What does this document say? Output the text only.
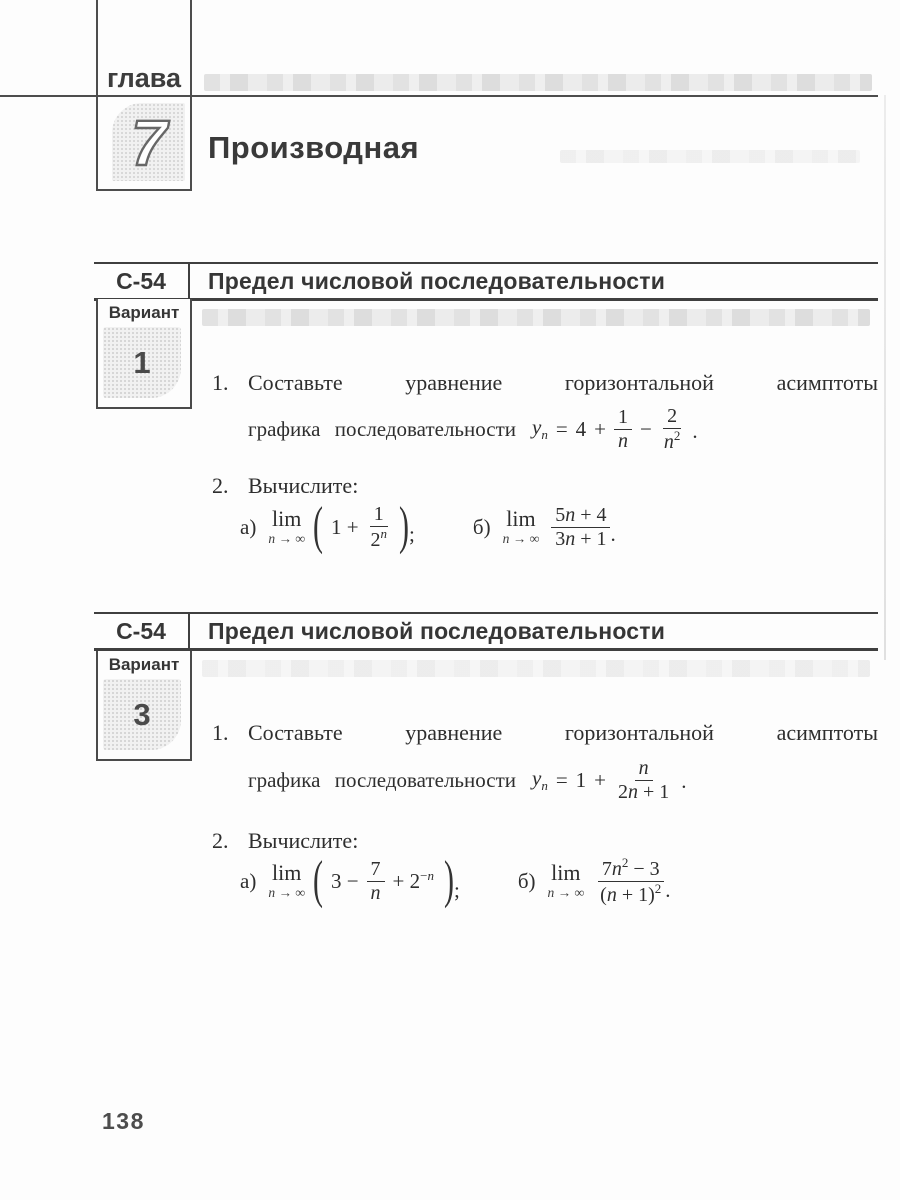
глава
7 Производная
С-54	Предел числовой последовательности
Вариант
1
1. Составьте уравнение горизонтальной асимптоты
графика последовательности $y_n = 4 + \frac{1}{n} - \frac{2}{n^2}$ .
2. Вычислите:
а) lim
n → ∞ ( $1 + \frac{1}{2^n}$ ) ;	б) lim
n → ∞ $\frac{5n + 4}{3n + 1}$ .
С-54	Предел числовой последовательности
Вариант
3
1. Составьте уравнение горизонтальной асимптоты
графика последовательности $y_n = 1 + \frac{n}{2n + 1}$ .
2. Вычислите:
а) lim
n → ∞ ( $3 - \frac{7}{n} + 2^{-n}$ ) ;	б) lim
n → ∞ $\frac{7n^2 - 3}{(n + 1)^2}$ .
138
